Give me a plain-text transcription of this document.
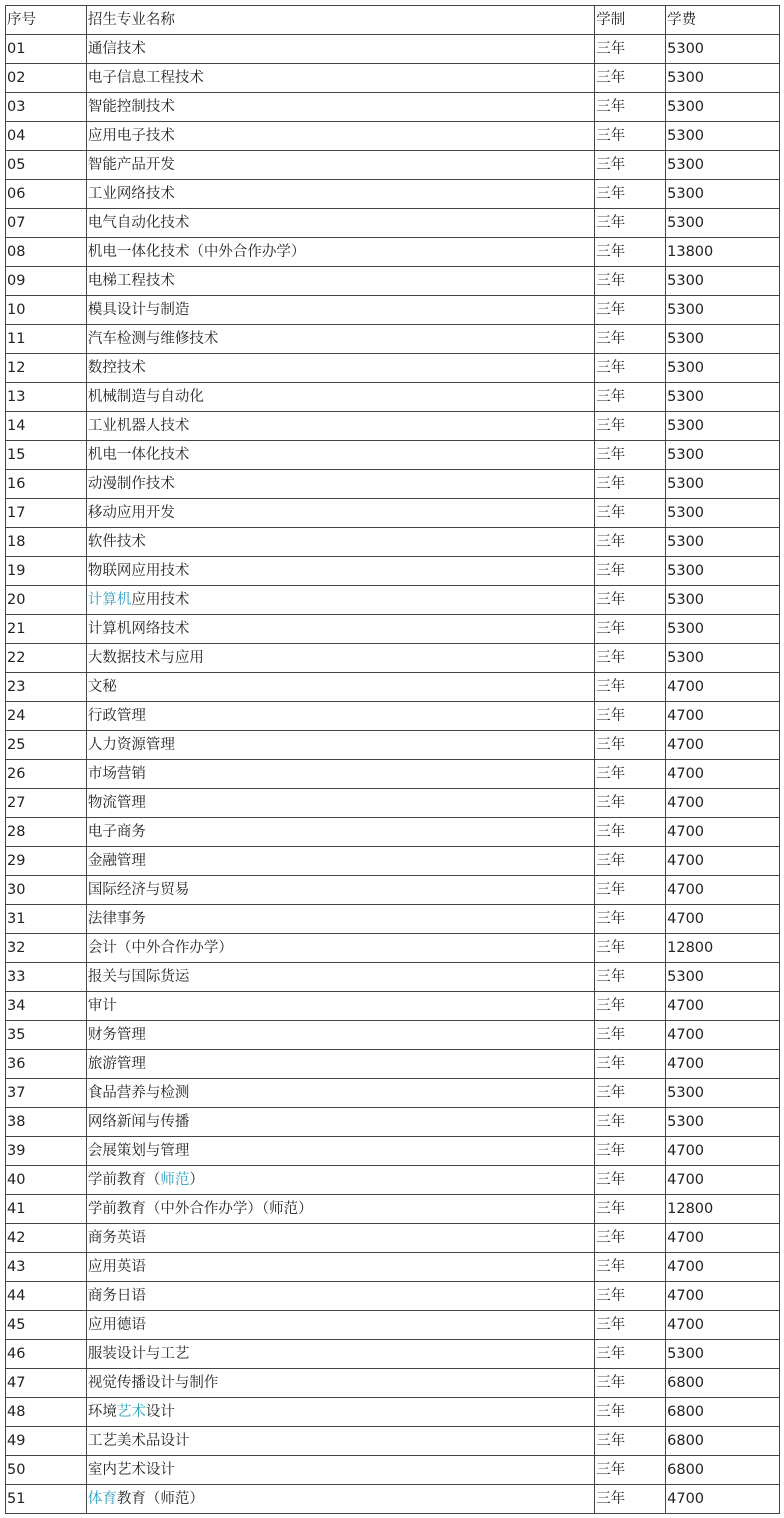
序号	招生专业名称	学制	学费
01	通信技术	三年	5300
02	电子信息工程技术	三年	5300
03	智能控制技术	三年	5300
04	应用电子技术	三年	5300
05	智能产品开发	三年	5300
06	工业网络技术	三年	5300
07	电气自动化技术	三年	5300
08	机电一体化技术（中外合作办学）	三年	13800
09	电梯工程技术	三年	5300
10	模具设计与制造	三年	5300
11	汽车检测与维修技术	三年	5300
12	数控技术	三年	5300
13	机械制造与自动化	三年	5300
14	工业机器人技术	三年	5300
15	机电一体化技术	三年	5300
16	动漫制作技术	三年	5300
17	移动应用开发	三年	5300
18	软件技术	三年	5300
19	物联网应用技术	三年	5300
20	计算机应用技术	三年	5300
21	计算机网络技术	三年	5300
22	大数据技术与应用	三年	5300
23	文秘	三年	4700
24	行政管理	三年	4700
25	人力资源管理	三年	4700
26	市场营销	三年	4700
27	物流管理	三年	4700
28	电子商务	三年	4700
29	金融管理	三年	4700
30	国际经济与贸易	三年	4700
31	法律事务	三年	4700
32	会计（中外合作办学）	三年	12800
33	报关与国际货运	三年	5300
34	审计	三年	4700
35	财务管理	三年	4700
36	旅游管理	三年	4700
37	食品营养与检测	三年	5300
38	网络新闻与传播	三年	5300
39	会展策划与管理	三年	4700
40	学前教育（师范）	三年	4700
41	学前教育（中外合作办学）（师范）	三年	12800
42	商务英语	三年	4700
43	应用英语	三年	4700
44	商务日语	三年	4700
45	应用德语	三年	4700
46	服装设计与工艺	三年	5300
47	视觉传播设计与制作	三年	6800
48	环境艺术设计	三年	6800
49	工艺美术品设计	三年	6800
50	室内艺术设计	三年	6800
51	体育教育（师范）	三年	4700
